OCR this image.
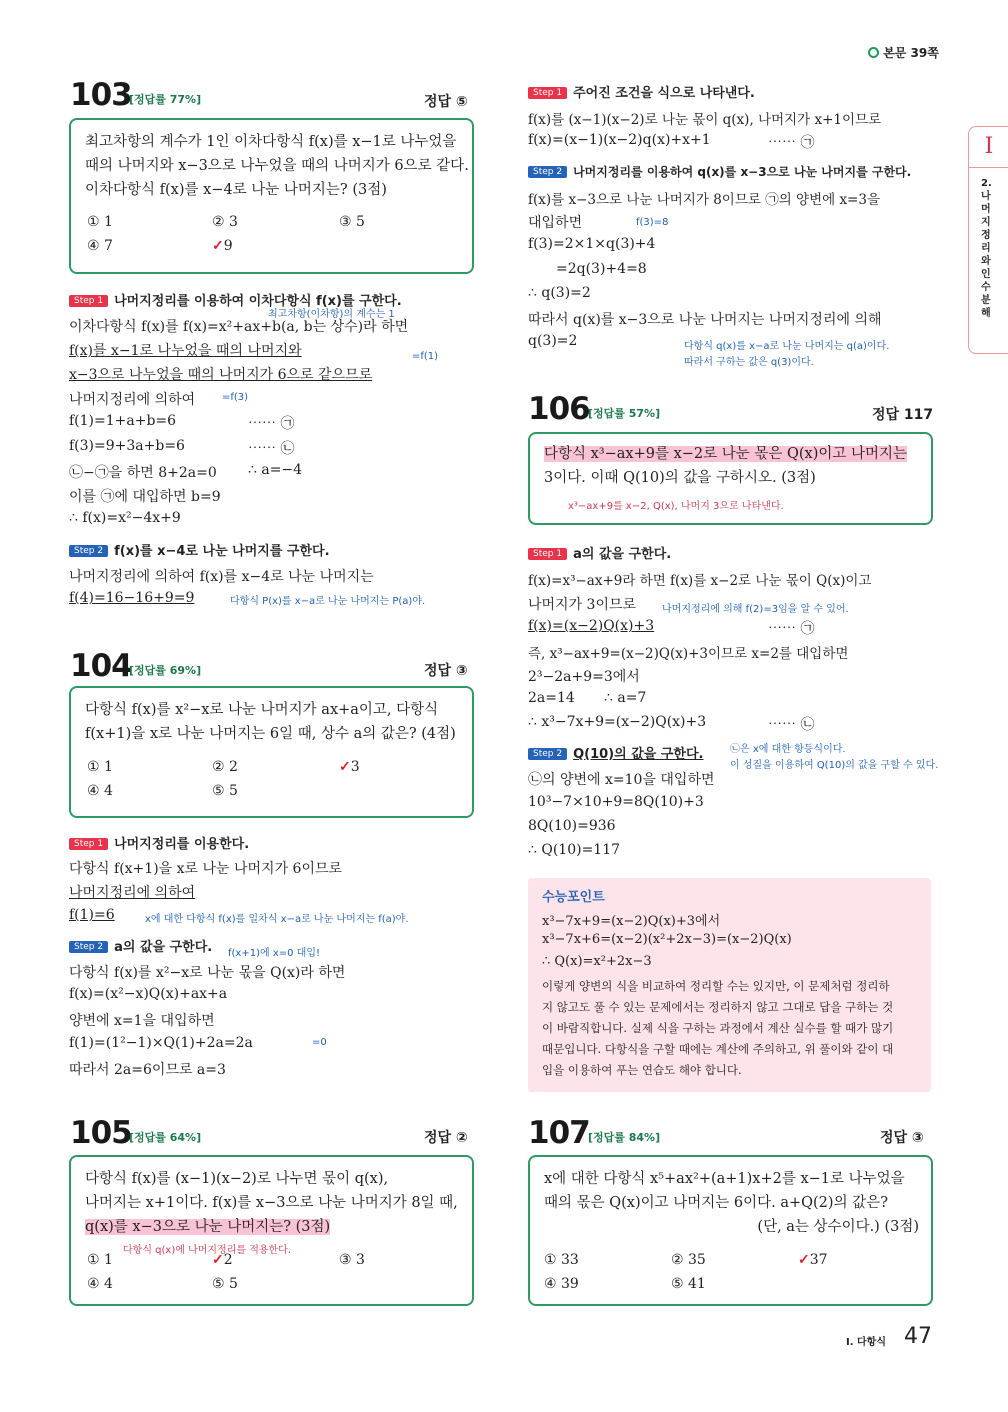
본문 39쪽
I
2. 나머지정리와 인수분해
Ⅰ. 다항식 47
103
[정답률 77%]	정답 ⑤

최고차항의 계수가 1인 이차다항식 f(x)를 x−1로 나누었을

때의 나머지와 x−3으로 나누었을 때의 나머지가 6으로 같다.

이차다항식 f(x)를 x−4로 나눈 나머지는? (3점)

① 1	② 3	③ 5
④ 7	✓9
Step 1 나머지정리를 이용하여 이차다항식 f(x)를 구한다.
최고차항(이차항)의 계수는 1
이차다항식 f(x)를 f(x)=x²+ax+b(a, b는 상수)라 하면
f(x)를 x−1로 나누었을 때의 나머지와	=f(1)
x−3으로 나누었을 때의 나머지가 6으로 같으므로
나머지정리에 의하여	=f(3)
f(1)=1+a+b=6	⋯⋯ ㉠
f(3)=9+3a+b=6	⋯⋯ ㉡
㉡−㉠을 하면 8+2a=0 ∴ a=−4
이를 ㉠에 대입하면 b=9
∴ f(x)=x²−4x+9
Step 2 f(x)를 x−4로 나눈 나머지를 구한다.
나머지정리에 의하여 f(x)를 x−4로 나눈 나머지는
f(4)=16−16+9=9	다항식 P(x)를 x−a로 나눈 나머지는 P(a)야.
104
[정답률 69%]	정답 ③

다항식 f(x)를 x²−x로 나눈 나머지가 ax+a이고, 다항식

f(x+1)을 x로 나눈 나머지는 6일 때, 상수 a의 값은? (4점)

① 1	② 2	✓3
④ 4	⑤ 5
Step 1 나머지정리를 이용한다.
다항식 f(x+1)을 x로 나눈 나머지가 6이므로
나머지정리에 의하여
f(1)=6	x에 대한 다항식 f(x)를 일차식 x−a로 나눈 나머지는 f(a)야.
Step 2 a의 값을 구한다. f(x+1)에 x=0 대입!
다항식 f(x)를 x²−x로 나눈 몫을 Q(x)라 하면
f(x)=(x²−x)Q(x)+ax+a
양변에 x=1을 대입하면
f(1)=(1²−1)×Q(1)+2a=2a	=0
따라서 2a=6이므로 a=3
105
[정답률 64%]	정답 ②

다항식 f(x)를 (x−1)(x−2)로 나누면 몫이 q(x),

나머지는 x+1이다. f(x)를 x−3으로 나눈 나머지가 8일 때,

q(x)를 x−3으로 나눈 나머지는? (3점)

다항식 q(x)에 나머지정리를 적용한다.
① 1	✓2	③ 3
④ 4	⑤ 5
Step 1 주어진 조건을 식으로 나타낸다.
f(x)를 (x−1)(x−2)로 나눈 몫이 q(x), 나머지가 x+1이므로
f(x)=(x−1)(x−2)q(x)+x+1	⋯⋯ ㉠
Step 2 나머지정리를 이용하여 q(x)를 x−3으로 나눈 나머지를 구한다.
f(x)를 x−3으로 나눈 나머지가 8이므로 ㉠의 양변에 x=3을
대입하면	f(3)=8
f(3)=2×1×q(3)+4
=2q(3)+4=8
∴ q(3)=2
따라서 q(x)를 x−3으로 나눈 나머지는 나머지정리에 의해
q(3)=2	다항식 q(x)를 x−a로 나눈 나머지는 q(a)이다.
따라서 구하는 값은 q(3)이다.
106
[정답률 57%]	정답 117

다항식 x³−ax+9를 x−2로 나눈 몫은 Q(x)이고 나머지는

3이다. 이때 Q(10)의 값을 구하시오. (3점)

x³−ax+9를 x−2, Q(x), 나머지 3으로 나타낸다.
Step 1 a의 값을 구한다.
f(x)=x³−ax+9라 하면 f(x)를 x−2로 나눈 몫이 Q(x)이고
나머지가 3이므로	나머지정리에 의해 f(2)=3임을 알 수 있어.
f(x)=(x−2)Q(x)+3	⋯⋯ ㉠
즉, x³−ax+9=(x−2)Q(x)+3이므로 x=2를 대입하면
2³−2a+9=3에서
2a=14 ∴ a=7
∴ x³−7x+9=(x−2)Q(x)+3	⋯⋯ ㉡
Step 2 Q(10)의 값을 구한다.	㉡은 x에 대한 항등식이다.
이 성질을 이용하여 Q(10)의 값을 구할 수 있다.
㉡의 양변에 x=10을 대입하면
10³−7×10+9=8Q(10)+3
8Q(10)=936
∴ Q(10)=117
수능포인트
x³−7x+9=(x−2)Q(x)+3에서
x³−7x+6=(x−2)(x²+2x−3)=(x−2)Q(x)
∴ Q(x)=x²+2x−3
이렇게 양변의 식을 비교하여 정리할 수는 있지만, 이 문제처럼 정리하
지 않고도 풀 수 있는 문제에서는 정리하지 않고 그대로 답을 구하는 것
이 바람직합니다. 실제 식을 구하는 과정에서 계산 실수를 할 때가 많기
때문입니다. 다항식을 구할 때에는 계산에 주의하고, 위 풀이와 같이 대
입을 이용하여 푸는 연습도 해야 합니다.
107
[정답률 84%]	정답 ③

x에 대한 다항식 x⁵+ax²+(a+1)x+2를 x−1로 나누었을

때의 몫은 Q(x)이고 나머지는 6이다. a+Q(2)의 값은?

(단, a는 상수이다.) (3점)

① 33	② 35	✓37
④ 39	⑤ 41
